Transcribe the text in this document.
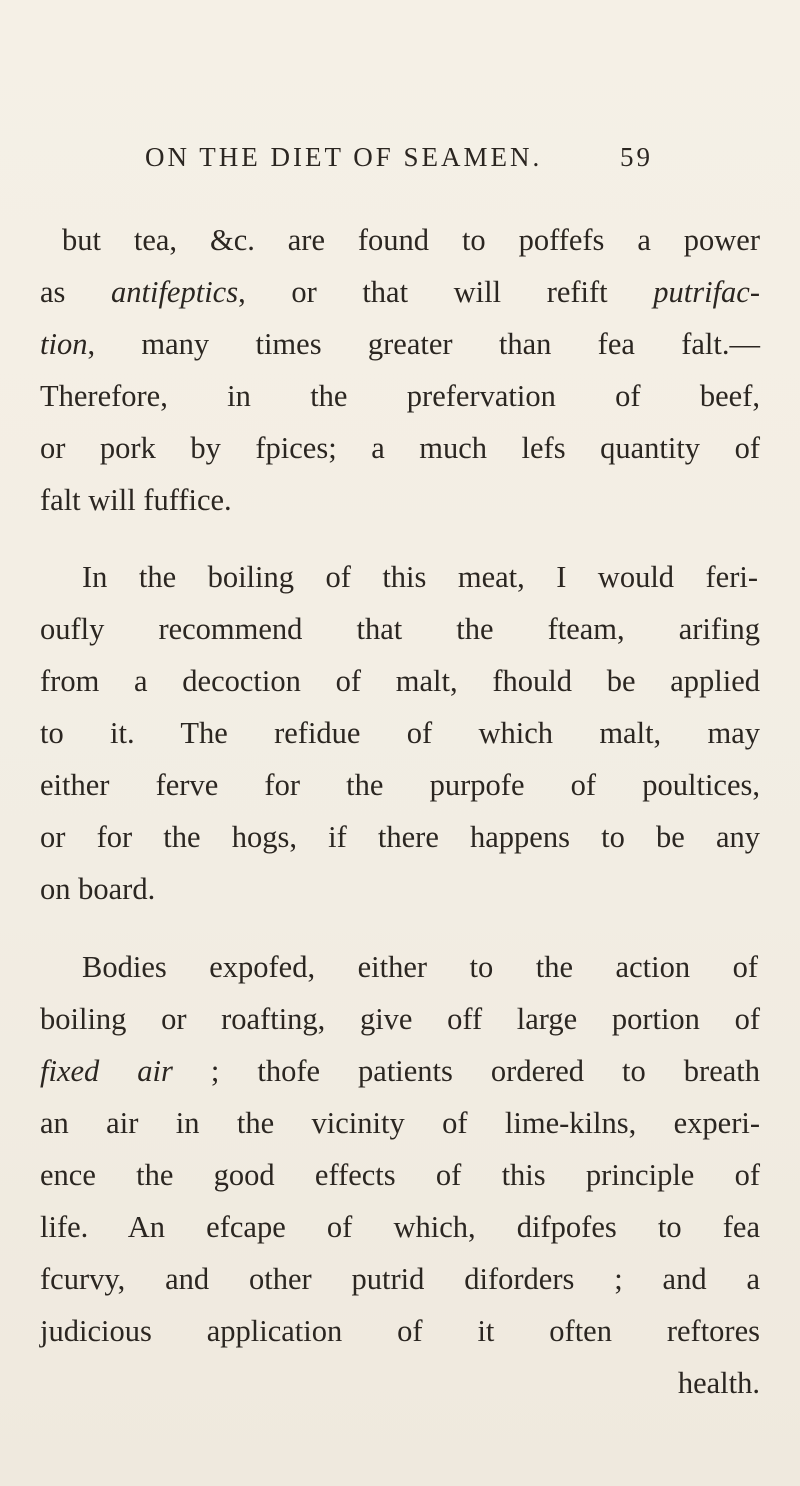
ON THE DIET OF SEAMEN.	59
but tea, &c. are found to poffefs a power
as antifeptics, or that will refift putrifac-
tion, many times greater than fea falt.—
Therefore, in the prefervation of beef,
or pork by fpices; a much lefs quantity of
falt will fuffice.
In the boiling of this meat, I would feri-
oufly recommend that the fteam, arifing
from a decoction of malt, fhould be applied
to it. The refidue of which malt, may
either ferve for the purpofe of poultices,
or for the hogs, if there happens to be any
on board.
Bodies expofed, either to the action of
boiling or roafting, give off large portion of
fixed air ; thofe patients ordered to breath
an air in the vicinity of lime-kilns, experi-
ence the good effects of this principle of
life. An efcape of which, difpofes to fea
fcurvy, and other putrid diforders ; and a
judicious application of it often reftores
health.
